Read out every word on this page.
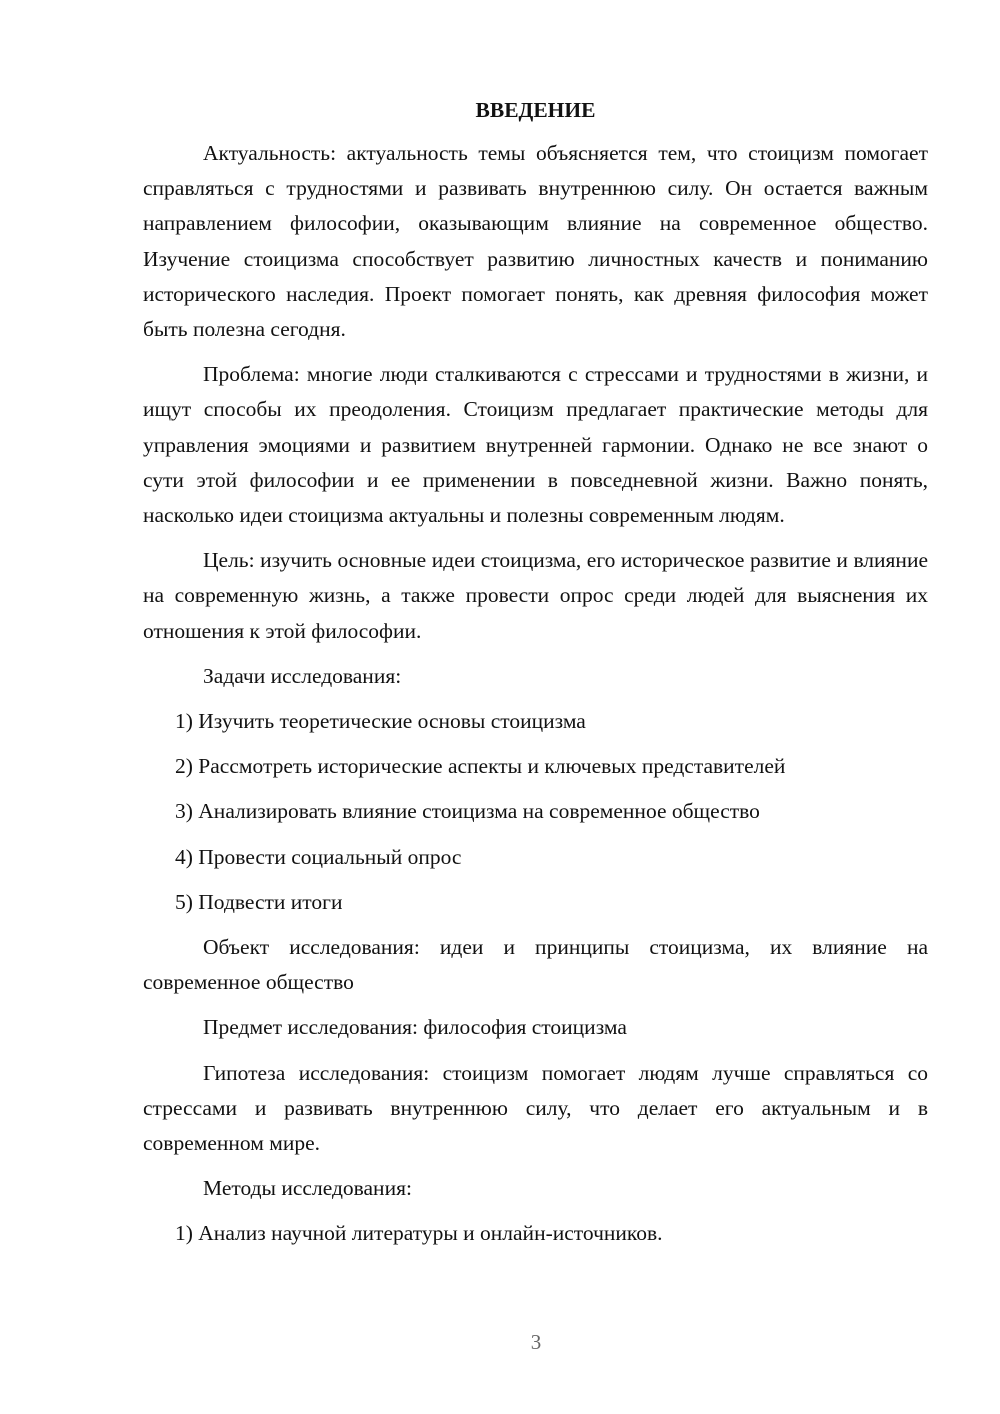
ВВЕДЕНИЕ

Актуальность: актуальность темы объясняется тем, что стоицизм помогает справляться с трудностями и развивать внутреннюю силу. Он остается важным направлением философии, оказывающим влияние на современное общество. Изучение стоицизма способствует развитию личностных качеств и пониманию исторического наследия. Проект помогает понять, как древняя философия может быть полезна сегодня.

Проблема: многие люди сталкиваются с стрессами и трудностями в жизни, и ищут способы их преодоления. Стоицизм предлагает практические методы для управления эмоциями и развитием внутренней гармонии. Однако не все знают о сути этой философии и ее применении в повседневной жизни. Важно понять, насколько идеи стоицизма актуальны и полезны современным людям.

Цель: изучить основные идеи стоицизма, его историческое развитие и влияние на современную жизнь, а также провести опрос среди людей для выяснения их отношения к этой философии.

Задачи исследования:

1) Изучить теоретические основы стоицизма
2) Рассмотреть исторические аспекты и ключевых представителей
3) Анализировать влияние стоицизма на современное общество
4) Провести социальный опрос
5) Подвести итоги

Объект исследования: идеи и принципы стоицизма, их влияние на современное общество

Предмет исследования: философия стоицизма

Гипотеза исследования: стоицизм помогает людям лучше справляться со стрессами и развивать внутреннюю силу, что делает его актуальным и в современном мире.

Методы исследования:

1) Анализ научной литературы и онлайн-источников.
3
